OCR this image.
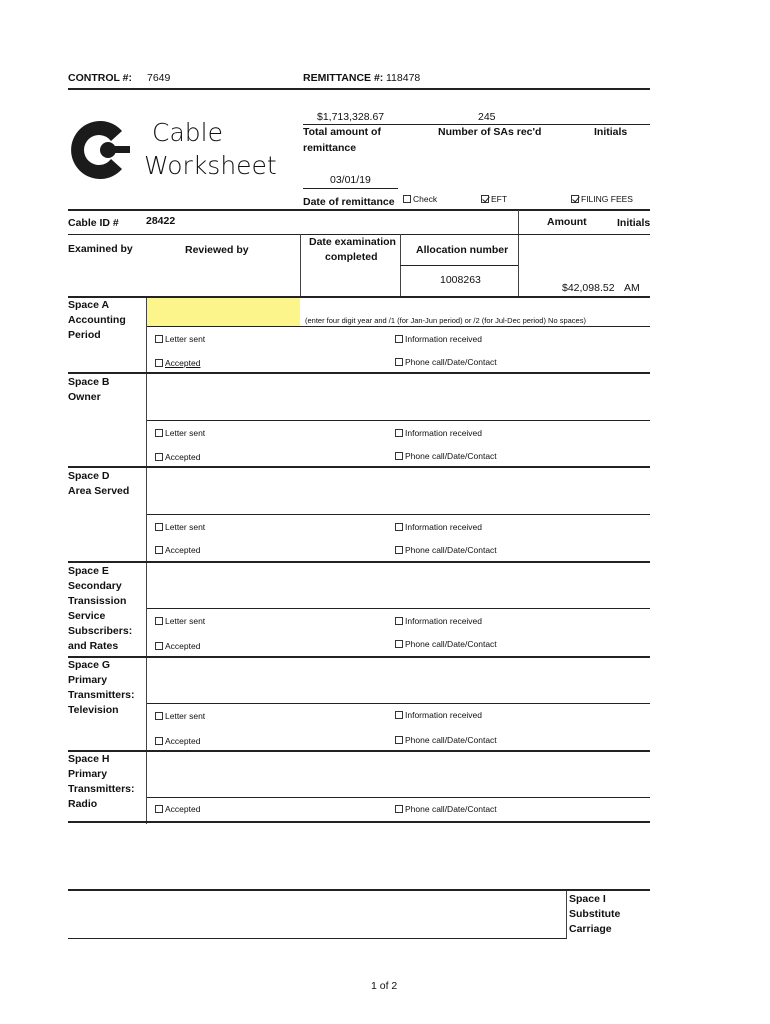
CONTROL #: 7649	REMITTANCE #: 118478
Cable
Worksheet
$1,713,328.67	245
Total amount of
remittance
Number of SAs rec'd	Initials
03/01/19
Date of remittance Check	EFT	FILING FEES
Cable ID #	28422	Amount	Initials
Examined by	Reviewed by
Date examination
completed
Allocation number
1008263
$42,098.52 AM
Space A
Accounting
Period
(enter four digit year and /1 (for Jan-Jun period) or /2 (for Jul-Dec period) No spaces)
Letter sent	Information received
Accepted	Phone call/Date/Contact
Space B
Owner
Letter sent	Information received
Accepted	Phone call/Date/Contact
Space D
Area Served
Letter sent	Information received
Accepted	Phone call/Date/Contact
Space E
Secondary
Transission
Service
Subscribers:
and Rates
Letter sent	Information received
Accepted	Phone call/Date/Contact
Space G
Primary
Transmitters:
Television	Letter sent	Information received
Accepted	Phone call/Date/Contact
Space H
Primary
Transmitters:
Radio	Accepted	Phone call/Date/Contact
Space I
Substitute
Carriage
1 of 2
